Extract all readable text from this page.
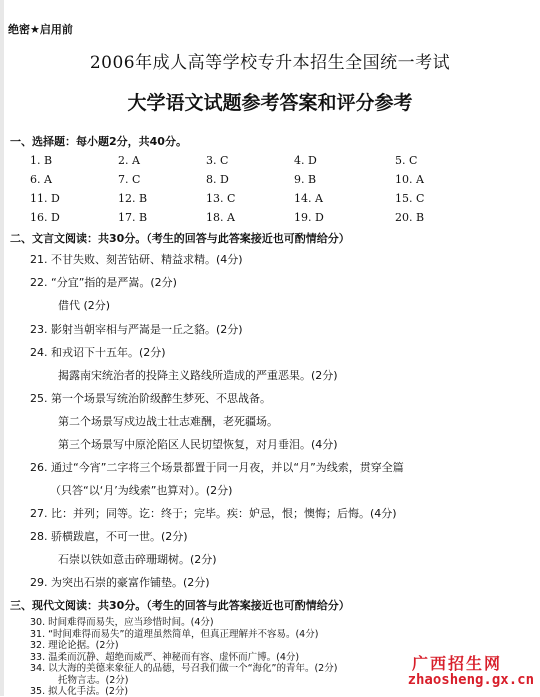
绝密★启用前
2006年成人高等学校专升本招生全国统一考试
大学语文试题参考答案和评分参考
一、选择题：每小题2分，共40分。
1. B	2. A	3. C	4. D	5. C
6. A	7. C	8. D	9. B	10. A
11. D	12. B	13. C	14. A	15. C
16. D	17. B	18. A	19. D	20. B
二、文言文阅读：共30分。（考生的回答与此答案接近也可酌情给分）
21. 不甘失败、刻苦钻研、精益求精。(4分)
22. “分宜”指的是严嵩。(2分)
借代 (2分)
23. 影射当朝宰相与严嵩是一丘之貉。(2分)
24. 和戎诏下十五年。(2分)
揭露南宋统治者的投降主义路线所造成的严重恶果。(2分)
25. 第一个场景写统治阶级醉生梦死、不思战备。
第二个场景写戍边战士壮志难酬，老死疆场。
第三个场景写中原沦陷区人民切望恢复，对月垂泪。(4分)
26. 通过“今宵”二字将三个场景都置于同一月夜，并以“月”为线索，贯穿全篇
（只答“以‘月’为线索”也算对）。(2分)
27. 比：并列；同等。讫：终于；完毕。疾：妒忌，恨；懊悔；后悔。(4分)
28. 骄横跋扈，不可一世。(2分)
石崇以铁如意击碎珊瑚树。(2分)
29. 为突出石崇的豪富作铺垫。(2分)
三、现代文阅读：共30分。（考生的回答与此答案接近也可酌情给分）
广西招生网
zhaosheng.gx.cn
30. 时间难得而易失，应当珍惜时间。(4分)
31. “时间难得而易失”的道理虽然简单，但真正理解并不容易。(4分)
32. 理论论据。(2分)
33. 温柔而沉静、超绝而威严、神秘而有容、虚怀而广博。(4分)
34. 以大海的美德来象征人的品德，号召我们做一个“海化”的青年。(2分)
托物言志。(2分)
35. 拟人化手法。(2分)
